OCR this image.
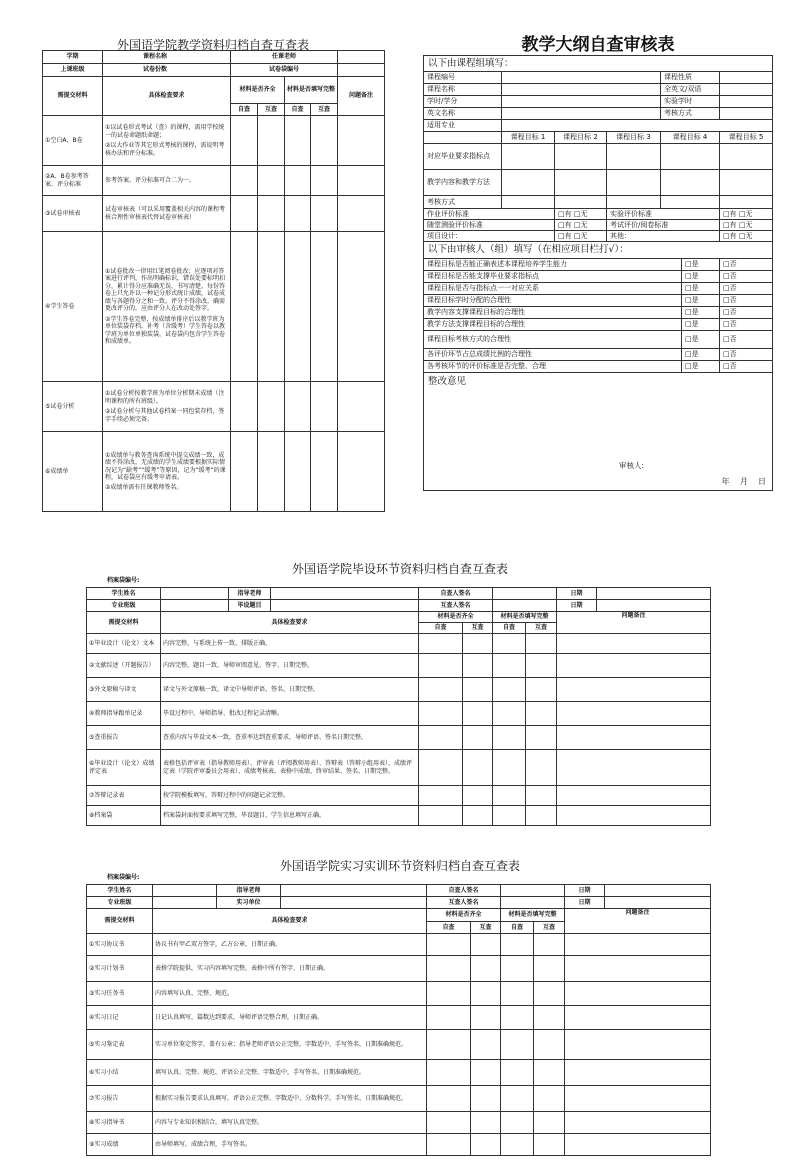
外国语学院教学资料归档自查互查表
学期	课程名称	任课老师				
上课班级	试卷份数	试卷袋编号				
需提交材料	具体检查要求	材料是否齐全		材料是否填写完整		问题备注
		自查	互查	自查	互查	
①空白A、B卷	①以试卷形式考试（查）的课程，需用学校统一的试卷命题纸命题；
②以大作业等其它形式考核的课程，需说明考核办法和评分标准。					

②A、B卷参考答案、评分标准	参考答案、评分标准可合二为一。					
③试卷审核表	试卷审核表（可以采用覆盖相关内容的课程考核合理性审核表代替试卷审核表）					
④学生答卷	①试卷批改一律用红笔阅卷批改；应逐项对答案进行评判，作出明确标识，错误处要标明扣分，累计得分应准确无误，书写清楚。每份答卷上只允许以一种记分形式统计成绩，试卷成绩与各题得分之和一致。评分不得涂改，确需更改评分的，应由评分人在改动处签字。
②学生答卷完整，按成绩单排序后以教学班为单位装袋存档。补考（含缓考）学生答卷以教学班为单位单独装袋，试卷袋内包含学生答卷和成绩单。					

⑤试卷分析	①试卷分析按教学班为单位分析期末成绩（注明课程的所有班级）。
②试卷分析与其他试卷档案一同包装存档，签字手续必须完备。					

⑥成绩单	①成绩单与教务查询系统中提交成绩一致，成绩不得涂改，无成绩的学生成绩要根据实际情况记为“缺考”“缓考”等原因，记为“缓考”的课程，试卷袋应有缓考申请表。
②成绩单需有任课教师签名。					

教学大纲自查审核表
以下由课程组填写：						
课程编号				课程性质		
课程名称				全英文/双语		
学时/学分				实验学时		
英文名称				考核方式		
适用专业						
	课程目标 1	课程目标 2	课程目标 3	课程目标 4		课程目标 5
对应毕业要求指标点						
教学内容和教学方法						
考核方式						
作业评价标准		□有 □无	实验评价标准			□有 □无
随堂测验评价标准		□有 □无	考试评价/阅卷标准			□有 □无
项目设计：		□有 □无	其他：			□有 □无
以下由审核人（组）填写（在相应项目栏打√）：						
课程目标是否能正确表述本课程培养学生能力					□是	□否
课程目标是否能支撑毕业要求指标点					□是	□否
课程目标是否与指标点一一对应关系					□是	□否
课程目标学时分配的合理性					□是	□否
教学内容支撑课程目标的合理性					□是	□否
教学方法支撑课程目标的合理性					□是	□否
课程目标考核方式的合理性					□是	□否
各评价环节占总成绩比例的合理性					□是	□否
各考核环节的评价标准是否完整、合理					□是	□否

整改意见
审核人:
年    月    日						
外国语学院毕设环节资料归档自查互查表
档案袋编号:
学生姓名		指导老师		自查人签名				日期	
专业班级		毕设题目		互查人签名				日期	
需提交材料	具体检查要求			材料是否齐全		材料是否填写完整		问题备注	
				自查	互查	自查	互查		
①毕业设计（论文）文本	内容完整，与系统上传一致，排版正确。								
②文献综述（开题报告）	内容完整，题目一致，导师审阅意见、签字、日期完整。								
③外文原稿与译文	译文与外文原稿一致，译文中导师评语、签名、日期完整。								
④教师指导跟单记录	毕设过程中，导师指导、批改过程记录清晰。								
⑤查重报告	查重内容与毕设文本一致，查重率达到查重要求，导师评语、签名日期完整。								
⑥毕业设计（论文）成绩评定表	表格包括评审表（指导教师用表）、评审表（评阅教师用表）、答辩表（答辩小组用表）、成绩评定表（学院评审委员会用表）、成绩考核表，表格中成绩、终审结果、签名、日期完整。								
⑦答辩记录表	按学院模板填写，答辩过程中的问题记录完整。								
⑧档案袋	档案袋封面按要求填写完整，毕设题目、学生信息填写正确。								
外国语学院实习实训环节资料归档自查互查表
档案袋编号:
学生姓名		指导老师		自查人签名				日期	
专业班级		实习单位		互查人签名				日期	
需提交材料	具体检查要求			材料是否齐全		材料是否填写完整		问题备注	
				自查	互查	自查	互查		
①实习协议书	协议书有甲乙双方签字，乙方公章，日期正确。								
②实习计划书	表格学院提供，实习内容填写完整，表格中所有签字、日期正确。								
③实习任务书	内容填写认真、完整、规范。								
④实习日记	日记认真填写，篇数达到要求，导师评语完整合理，日期正确。								
⑤实习鉴定表	实习单位鉴定签字，盖有公章；指导老师评语公正完整，字数适中，手写签名，日期准确规范。								
⑥实习小结	填写认真、完整、规范，评语公正完整、字数适中，手写签名、日期准确规范。								
⑦实习报告	根据实习报告要求认真填写，评语公正完整、字数适中、分数科学，手写签名、日期准确规范。								
⑧实习指导书	内容与专业知识相结合，填写认真完整。								
⑨实习成绩	由导师填写，成绩合理，手写签名。								
